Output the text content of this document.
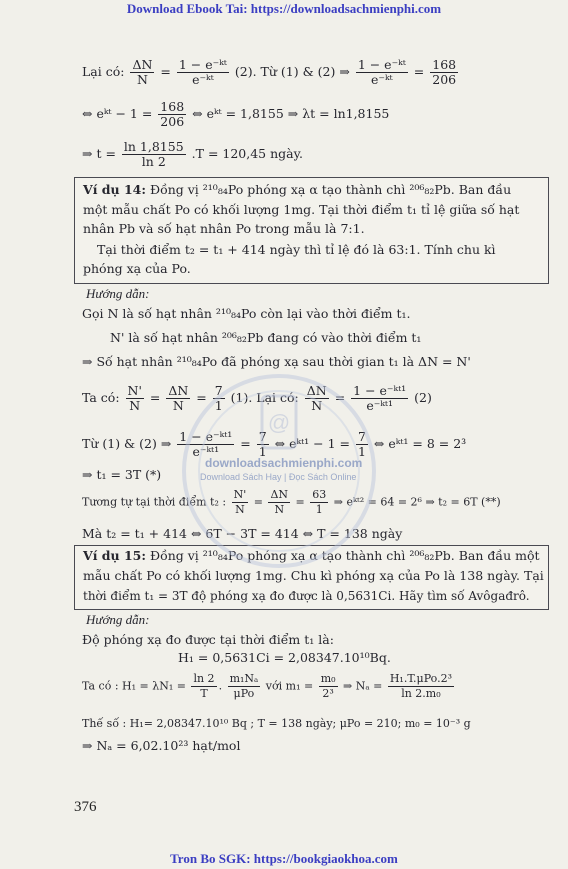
Download Ebook Tai: https://downloadsachmienphi.com
Lại có: $\frac{\Delta N}{N} = \frac{\text{1 − e⁻ᵏᵗ}}{\text{e⁻ᵏᵗ}} (2)$. Từ (1) & (2) ⇒ $\frac{\text{1 − e⁻ᵏᵗ}}{\text{e⁻ᵏᵗ}} = \frac{168}{206}$
⇔ eᵏᵗ − $1 = \frac{168}{206}$ ⇔ eᵏᵗ = 1,8155 ⇒ λt = ln1,8155
⇒ $t = \frac{\ln 1,8155}{\ln 2} .T = 120,45$ ngày.
Ví dụ 14: Đồng vị ²¹⁰₈₄Po phóng xạ α tạo thành chì ²⁰⁶₈₂Pb. Ban đầu
một mẫu chất Po có khối lượng 1mg. Tại thời điểm t₁ tỉ lệ giữa số hạt
nhân Pb và số hạt nhân Po trong mẫu là 7:1.
Tại thời điểm t₂ = t₁ + 414 ngày thì tỉ lệ đó là 63:1. Tính chu kì
phóng xạ của Po.
Hướng dẫn:
Gọi N là số hạt nhân ²¹⁰₈₄Po còn lại vào thời điểm t₁.
N' là số hạt nhân ²⁰⁶₈₂Pb đang có vào thời điểm t₁
⇒ Số hạt nhân ²¹⁰₈₄Po đã phóng xạ sau thời gian t₁ là ΔN = N'
Ta có: $\frac{N'}{N} = \frac{\Delta N}{N} = \frac{7}{1} (1)$. Lại có: $\frac{\Delta N}{N} = \frac{\text{1 − e⁻ᵏᵗ¹}}{\text{e⁻ᵏᵗ¹}} (2)$
Từ (1) & (2) ⇒ $\frac{\text{1 − e⁻ᵏᵗ¹}}{\text{e⁻ᵏᵗ¹}} = \frac{7}{1}$ ⇔ eᵏᵗ¹ − $1 = \frac{7}{1}$ ⇔ eᵏᵗ¹ = 8 = 2³
⇒ t₁ = 3T (*)
Tương tự tại thời điểm t₂ : $\frac{N'}{N} = \frac{\Delta N}{N} = \frac{63}{1}$ ⇒ eᵏᵗ² = 64 = 2⁶ ⇒ t₂ = 6T (**)
Mà t₂ = t₁ + 414 ⇔ 6T − 3T = 414 ⇔ T = 138 ngày
Ví dụ 15: Đồng vị ²¹⁰₈₄Po phóng xạ α tạo thành chì ²⁰⁶₈₂Pb. Ban đầu một
mẫu chất Po có khối lượng 1mg. Chu kì phóng xạ của Po là 138 ngày. Tại
thời điểm t₁ = 3T độ phóng xạ đo được là 0,5631Ci. Hãy tìm số Avôgađrô.
Hướng dẫn:
Độ phóng xạ đo được tại thời điểm t₁ là:
H₁ = 0,5631Ci = 2,08347.10¹⁰Bq.
Ta có : $H_1 = \lambda N_1 = \frac{\ln 2}{T}$ . $\frac{\text{m₁Nₐ}}{\text{μPo}}$ với $m_1 = \frac{\text{m₀}}{\text{2³}}$ ⇒ $N_a = \frac{\text{H₁.T.μPo.2³}}{\text{ln 2.m₀}}$
Thế số : H₁= 2,08347.10¹⁰ Bq ; T = 138 ngày; μPo = 210; m₀ = 10⁻³ g
⇒ Nₐ = 6,02.10²³ hạt/mol
376
@
downloadsachmienphi.com
Download Sách Hay | Đọc Sách Online
Tron Bo SGK: https://bookgiaokhoa.com
